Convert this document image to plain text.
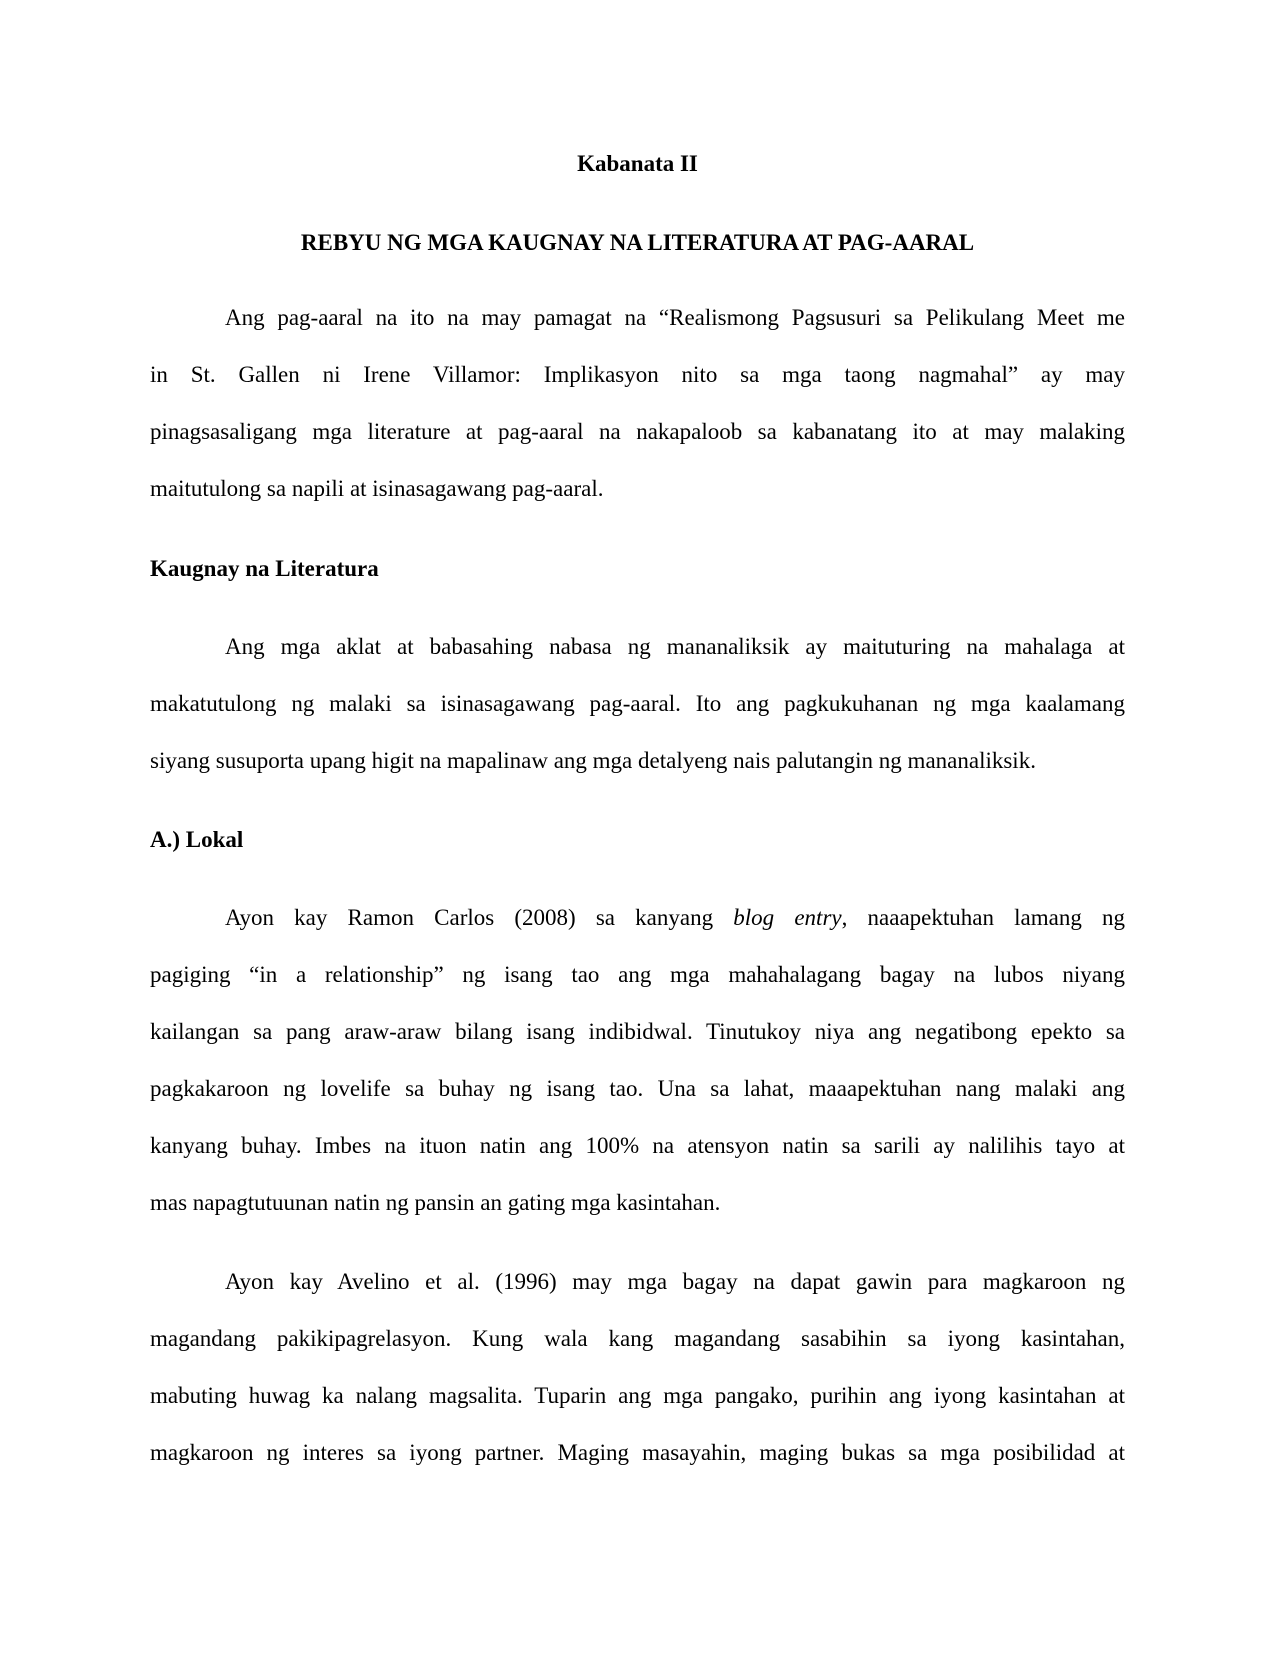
Kabanata II
REBYU NG MGA KAUGNAY NA LITERATURA AT PAG-AARAL
Ang pag-aaral na ito na may pamagat na “Realismong Pagsusuri sa Pelikulang Meet me
in St. Gallen ni Irene Villamor: Implikasyon nito sa mga taong nagmahal” ay may
pinagsasaligang mga literature at pag-aaral na nakapaloob sa kabanatang ito at may malaking
maitutulong sa napili at isinasagawang pag-aaral.
Kaugnay na Literatura
Ang mga aklat at babasahing nabasa ng mananaliksik ay maituturing na mahalaga at
makatutulong ng malaki sa isinasagawang pag-aaral. Ito ang pagkukuhanan ng mga kaalamang
siyang susuporta upang higit na mapalinaw ang mga detalyeng nais palutangin ng mananaliksik.
A.) Lokal
Ayon kay Ramon Carlos (2008) sa kanyang blog entry, naaapektuhan lamang ng
pagiging “in a relationship” ng isang tao ang mga mahahalagang bagay na lubos niyang
kailangan sa pang araw-araw bilang isang indibidwal. Tinutukoy niya ang negatibong epekto sa
pagkakaroon ng lovelife sa buhay ng isang tao. Una sa lahat, maaapektuhan nang malaki ang
kanyang buhay. Imbes na ituon natin ang 100% na atensyon natin sa sarili ay nalilihis tayo at
mas napagtutuunan natin ng pansin an gating mga kasintahan.
Ayon kay Avelino et al. (1996) may mga bagay na dapat gawin para magkaroon ng
magandang pakikipagrelasyon. Kung wala kang magandang sasabihin sa iyong kasintahan,
mabuting huwag ka nalang magsalita. Tuparin ang mga pangako, purihin ang iyong kasintahan at
magkaroon ng interes sa iyong partner. Maging masayahin, maging bukas sa mga posibilidad at
